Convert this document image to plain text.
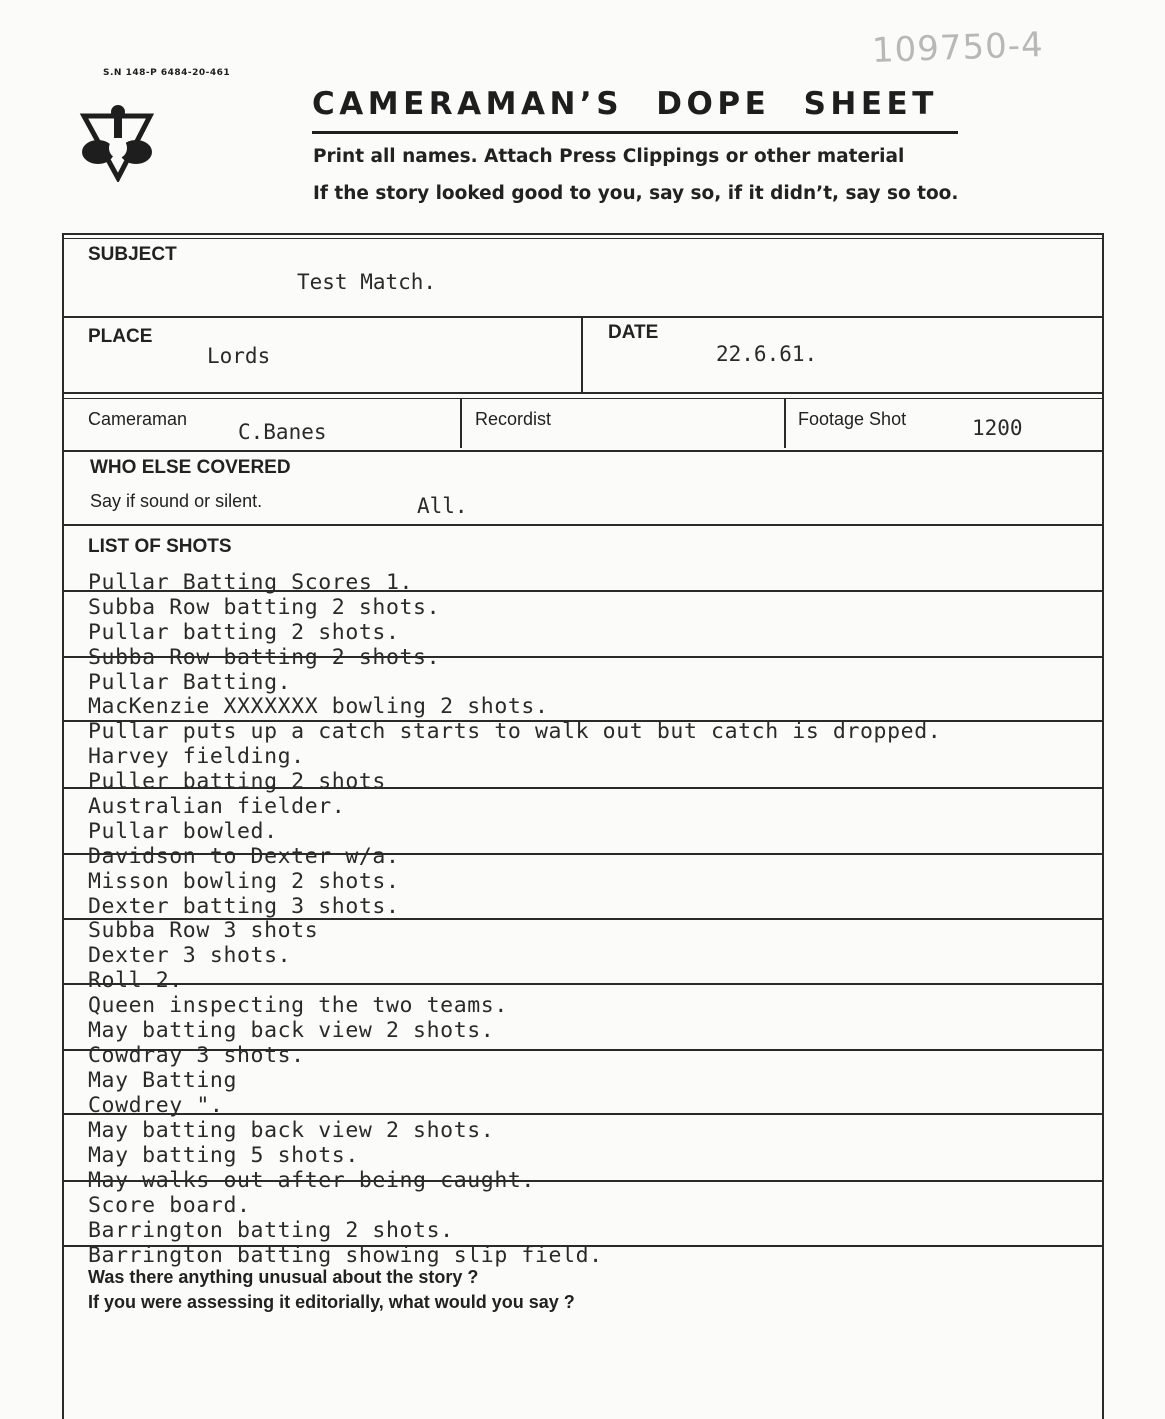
S.N 148-P 6484-20-461
109750-4
CAMERAMAN’S DOPE SHEET
Print all names. Attach Press Clippings or other material
If the story looked good to you, say so, if it didn’t, say so too.
SUBJECT
Test Match.
PLACE
Lords
DATE
22.6.61.
Cameraman
C.Banes
Recordist	Footage Shot	1200
WHO ELSE COVERED
Say if sound or silent.	All.
LIST OF SHOTS
Pullar Batting Scores 1.
Subba Row batting 2 shots.
Pullar batting 2 shots.
Subba Row batting 2 shots.
Pullar Batting.
MacKenzie XXXXXXX bowling 2 shots.
Pullar puts up a catch starts to walk out but catch is dropped.
Harvey fielding.
Puller batting 2 shots
Australian fielder.
Pullar bowled.
Davidson to Dexter w/a.
Misson bowling 2 shots.
Dexter batting 3 shots.
Subba Row 3 shots
Dexter 3 shots.
Roll 2.
Queen inspecting the two teams.
May batting back view 2 shots.
Cowdray 3 shots.
May Batting
Cowdrey ".
May batting back view 2 shots.
May batting 5 shots.
May walks out after being caught.
Score board.
Barrington batting 2 shots.
Barrington batting showing slip field.
Was there anything unusual about the story ?
If you were assessing it editorially, what would you say ?
